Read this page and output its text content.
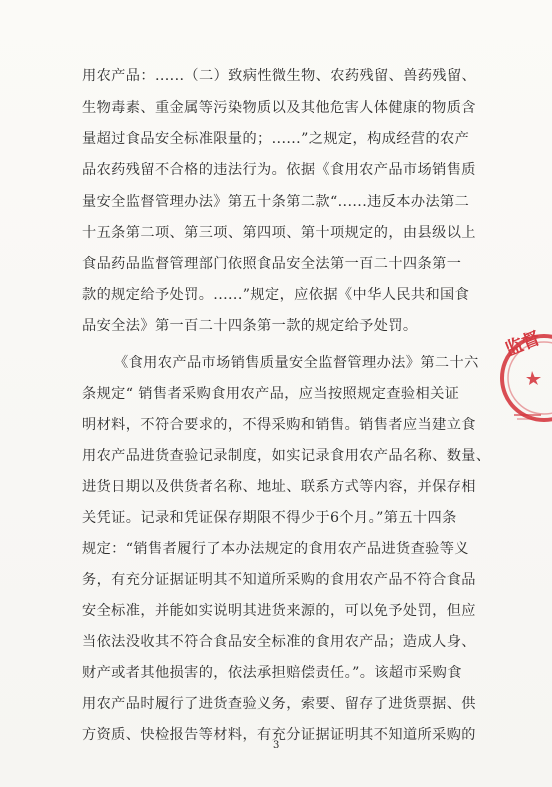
用农产品：......（二）致病性微生物、农药残留、兽药残留、
生物毒素、重金属等污染物质以及其他危害人体健康的物质含
量超过食品安全标准限量的；......”之规定，构成经营的农产
品农药残留不合格的违法行为。依据《食用农产品市场销售质
量安全监督管理办法》第五十条第二款“......违反本办法第二
十五条第二项、第三项、第四项、第十项规定的，由县级以上
食品药品监督管理部门依照食品安全法第一百二十四条第一
款的规定给予处罚。......”规定，应依据《中华人民共和国食
品安全法》第一百二十四条第一款的规定给予处罚。
《食用农产品市场销售质量安全监督管理办法》第二十六
条规定“ 销售者采购食用农产品，应当按照规定查验相关证
明材料，不符合要求的，不得采购和销售。销售者应当建立食
用农产品进货查验记录制度，如实记录食用农产品名称、数量、
进货日期以及供货者名称、地址、联系方式等内容，并保存相
关凭证。记录和凭证保存期限不得少于6个月。”第五十四条
规定：“销售者履行了本办法规定的食用农产品进货查验等义
务，有充分证据证明其不知道所采购的食用农产品不符合食品
安全标准，并能如实说明其进货来源的，可以免予处罚，但应
当依法没收其不符合食品安全标准的食用农产品；造成人身、
财产或者其他损害的，依法承担赔偿责任。”。该超市采购食
用农产品时履行了进货查验义务，索要、留存了进货票据、供
方资质、快检报告等材料，有充分证据证明其不知道所采购的
3
监督
